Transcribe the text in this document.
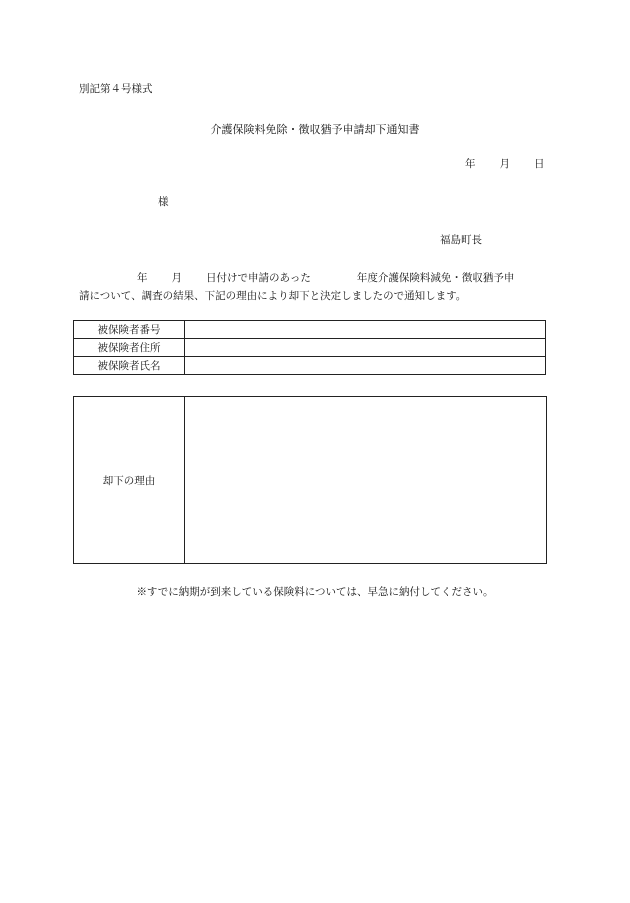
別記第４号様式
介護保険料免除・徴収猶予申請却下通知書
年 月 日
様
福島町長
年 月 日付けで申請のあった	年度介護保険料減免・徴収猶予申
請について、調査の結果、下記の理由により却下と決定しましたので通知します。
被保険者番号	
被保険者住所	
被保険者氏名	
却下の理由
※すでに納期が到来している保険料については、早急に納付してください。
